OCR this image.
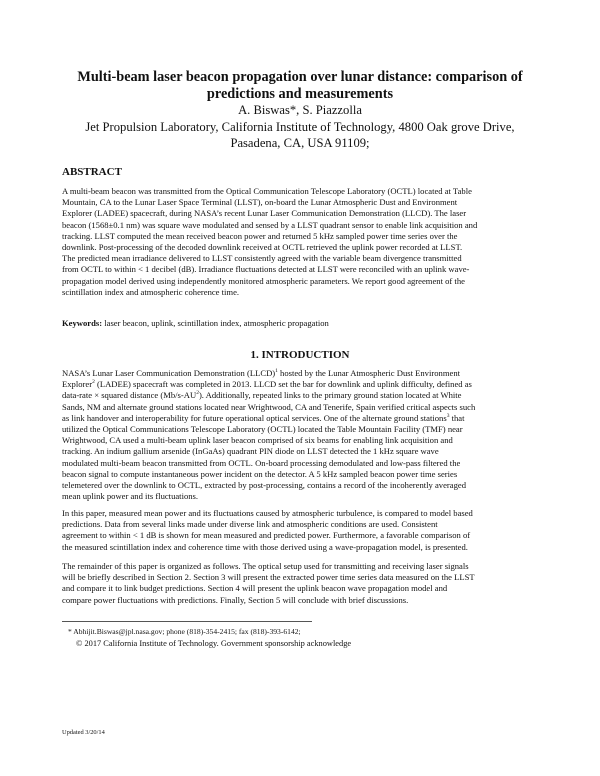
Multi-beam laser beacon propagation over lunar distance: comparison of predictions and measurements
A. Biswas*, S. Piazzolla
Jet Propulsion Laboratory, California Institute of Technology, 4800 Oak grove Drive, Pasadena, CA, USA 91109;
ABSTRACT
A multi-beam beacon was transmitted from the Optical Communication Telescope Laboratory (OCTL) located at Table
Mountain, CA to the Lunar Laser Space Terminal (LLST), on-board the Lunar Atmospheric Dust and Environment
Explorer (LADEE) spacecraft, during NASA’s recent Lunar Laser Communication Demonstration (LLCD). The laser
beacon (1568±0.1 nm) was square wave modulated and sensed by a LLST quadrant sensor to enable link acquisition and
tracking. LLST computed the mean received beacon power and returned 5 kHz sampled power time series over the
downlink. Post-processing of the decoded downlink received at OCTL retrieved the uplink power recorded at LLST.
The predicted mean irradiance delivered to LLST consistently agreed with the variable beam divergence transmitted
from OCTL to within < 1 decibel (dB). Irradiance fluctuations detected at LLST were reconciled with an uplink wave-
propagation model derived using independently monitored atmospheric parameters. We report good agreement of the
scintillation index and atmospheric coherence time.
Keywords: laser beacon, uplink, scintillation index, atmospheric propagation
1. INTRODUCTION
NASA’s Lunar Laser Communication Demonstration (LLCD)$^1$ hosted by the Lunar Atmospheric Dust Environment
Explorer$^2$ (LADEE) spacecraft was completed in 2013. LLCD set the bar for downlink and uplink difficulty, defined as
data-rate × squared distance $(Mb/s-AU^2)$. Additionally, repeated links to the primary ground station located at White
Sands, NM and alternate ground stations located near Wrightwood, CA and Tenerife, Spain verified critical aspects such
as link handover and interoperability for future operational optical services. One of the alternate ground stations$^3$ that
utilized the Optical Communications Telescope Laboratory (OCTL) located the Table Mountain Facility (TMF) near
Wrightwood, CA used a multi-beam uplink laser beacon comprised of six beams for enabling link acquisition and
tracking. An indium gallium arsenide (InGaAs) quadrant PIN diode on LLST detected the 1 kHz square wave
modulated multi-beam beacon transmitted from OCTL. On-board processing demodulated and low-pass filtered the
beacon signal to compute instantaneous power incident on the detector. A 5 kHz sampled beacon power time series
telemetered over the downlink to OCTL, extracted by post-processing, contains a record of the incoherently averaged
mean uplink power and its fluctuations.
In this paper, measured mean power and its fluctuations caused by atmospheric turbulence, is compared to model based
predictions. Data from several links made under diverse link and atmospheric conditions are used. Consistent
agreement to within < 1 dB is shown for mean measured and predicted power. Furthermore, a favorable comparison of
the measured scintillation index and coherence time with those derived using a wave-propagation model, is presented.
The remainder of this paper is organized as follows. The optical setup used for transmitting and receiving laser signals
will be briefly described in Section 2. Section 3 will present the extracted power time series data measured on the LLST
and compare it to link budget predictions. Section 4 will present the uplink beacon wave propagation model and
compare power fluctuations with predictions. Finally, Section 5 will conclude with brief discussions.
* Abhijit.Biswas@jpl.nasa.gov; phone (818)-354-2415; fax (818)-393-6142;
© 2017 California Institute of Technology. Government sponsorship acknowledge
Updated 3/20/14
